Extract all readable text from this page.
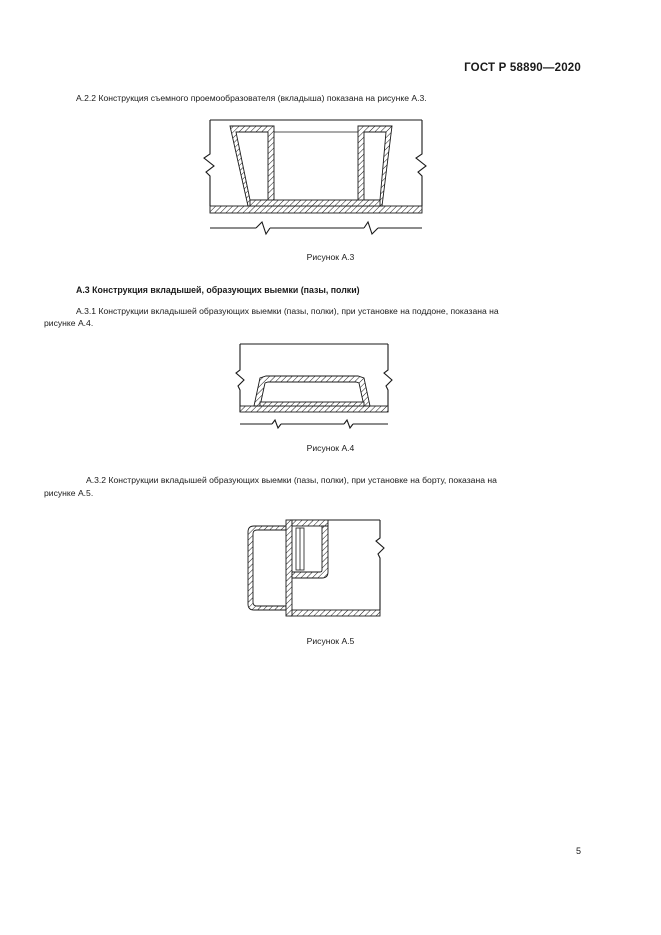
ГОСТ Р 58890—2020
А.2.2 Конструкция съемного проемообразователя (вкладыша) показана на рисунке А.3.
Рисунок А.3
А.3 Конструкция вкладышей, образующих выемки (пазы, полки)
А.3.1 Конструкции вкладышей образующих выемки (пазы, полки), при установке на поддоне, показана на
рисунке А.4.
Рисунок А.4
А.3.2 Конструкции вкладышей образующих выемки (пазы, полки), при установке на борту, показана на
рисунке А.5.
Рисунок А.5
5
